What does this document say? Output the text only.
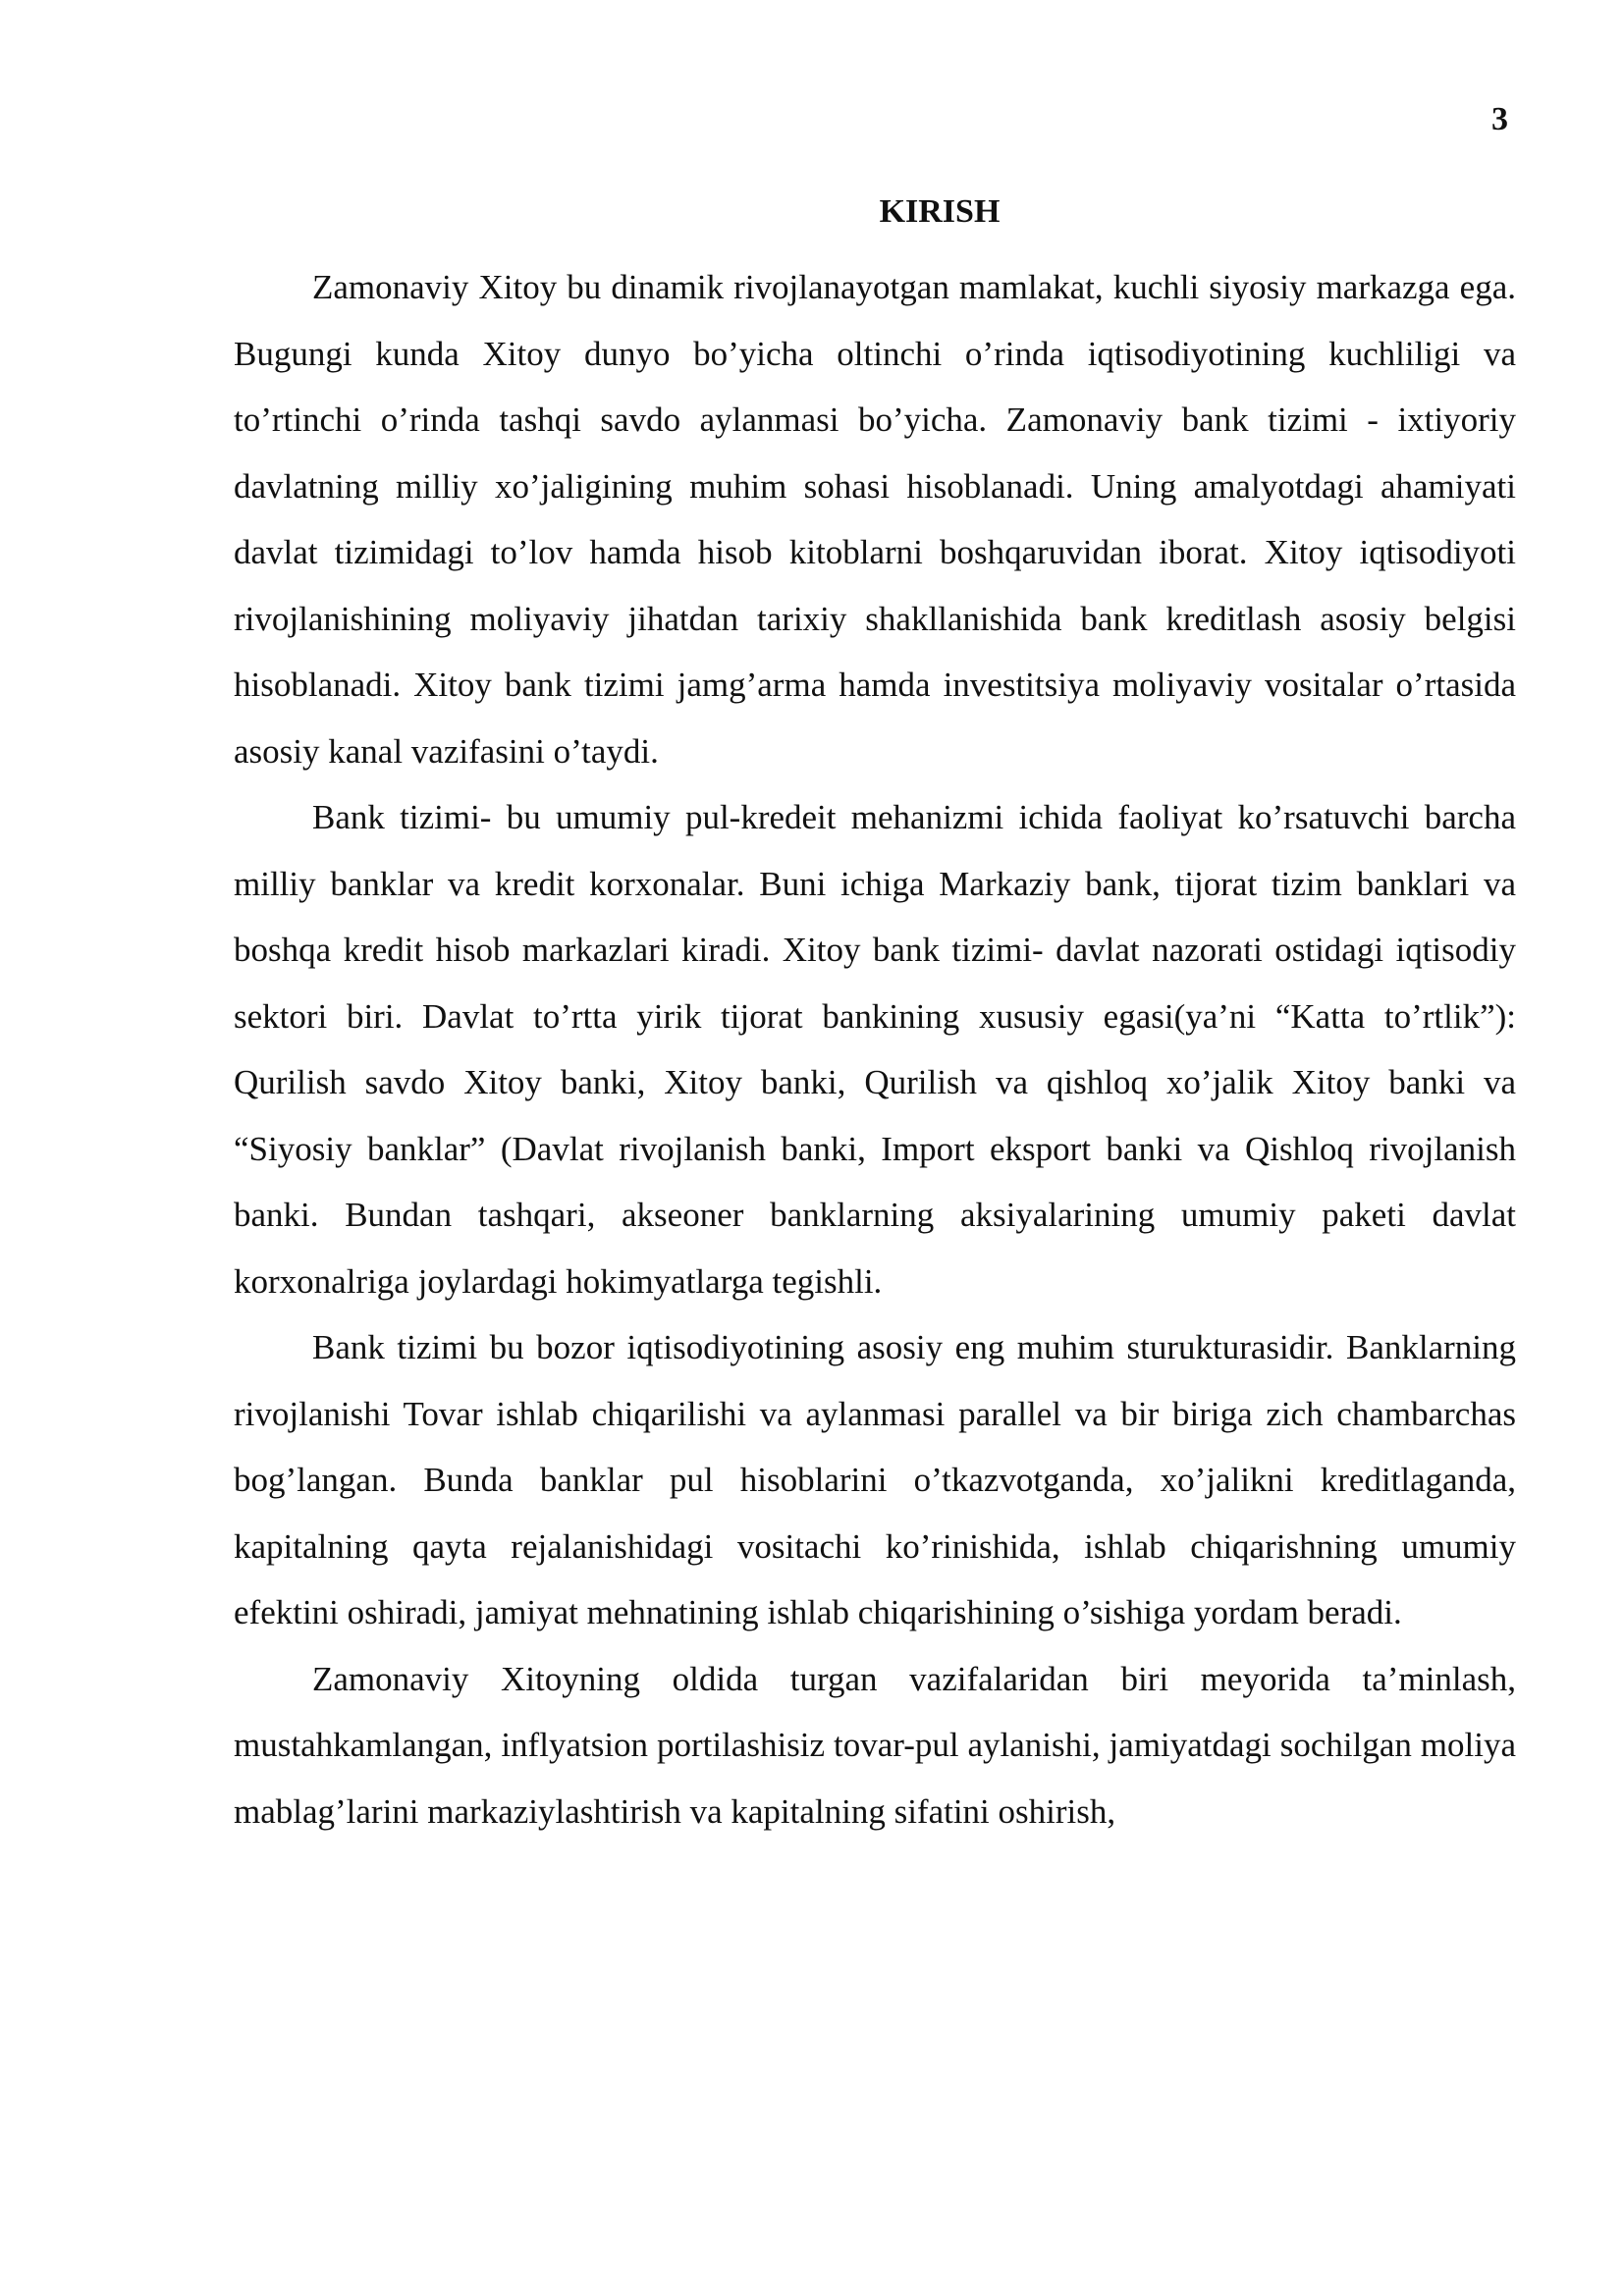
3
KIRISH

Zamonaviy Xitoy bu dinamik rivojlanayotgan mamlakat, kuchli siyosiy markazga ega. Bugungi kunda Xitoy dunyo bo’yicha oltinchi o’rinda iqtisodiyotining kuchliligi va to’rtinchi o’rinda tashqi savdo aylanmasi bo’yicha. Zamonaviy bank tizimi - ixtiyoriy davlatning milliy xo’jaligining muhim sohasi hisoblanadi. Uning amalyotdagi ahamiyati davlat tizimidagi to’lov hamda hisob kitoblarni boshqaruvidan iborat. Xitoy iqtisodiyoti rivojlanishining moliyaviy jihatdan tarixiy shakllanishida bank kreditlash asosiy belgisi hisoblanadi. Xitoy bank tizimi jamg’arma hamda investitsiya moliyaviy vositalar o’rtasida asosiy kanal vazifasini o’taydi.

Bank tizimi- bu umumiy pul-kredeit mehanizmi ichida faoliyat ko’rsatuvchi barcha milliy banklar va kredit korxonalar. Buni ichiga Markaziy bank, tijorat tizim banklari va boshqa kredit hisob markazlari kiradi. Xitoy bank tizimi- davlat nazorati ostidagi iqtisodiy sektori biri. Davlat to’rtta yirik tijorat bankining xususiy egasi(ya’ni “Katta to’rtlik”): Qurilish savdo Xitoy banki, Xitoy banki, Qurilish va qishloq xo’jalik Xitoy banki va “Siyosiy banklar” (Davlat rivojlanish banki, Import eksport banki va Qishloq rivojlanish banki. Bundan tashqari, akseoner banklarning aksiyalarining umumiy paketi davlat korxonalriga joylardagi hokimyatlarga tegishli.

Bank tizimi bu bozor iqtisodiyotining asosiy eng muhim sturukturasidir. Banklarning rivojlanishi Tovar ishlab chiqarilishi va aylanmasi parallel va bir biriga zich chambarchas bog’langan. Bunda banklar pul hisoblarini o’tkazvotganda, xo’jalikni kreditlaganda, kapitalning qayta rejalanishidagi vositachi ko’rinishida, ishlab chiqarishning umumiy efektini oshiradi, jamiyat mehnatining ishlab chiqarishining o’sishiga yordam beradi.

Zamonaviy Xitoyning oldida turgan vazifalaridan biri meyorida ta’minlash, mustahkamlangan, inflyatsion portilashisiz tovar-pul aylanishi, jamiyatdagi sochilgan moliya mablag’larini markaziylashtirish va kapitalning sifatini oshirish,
